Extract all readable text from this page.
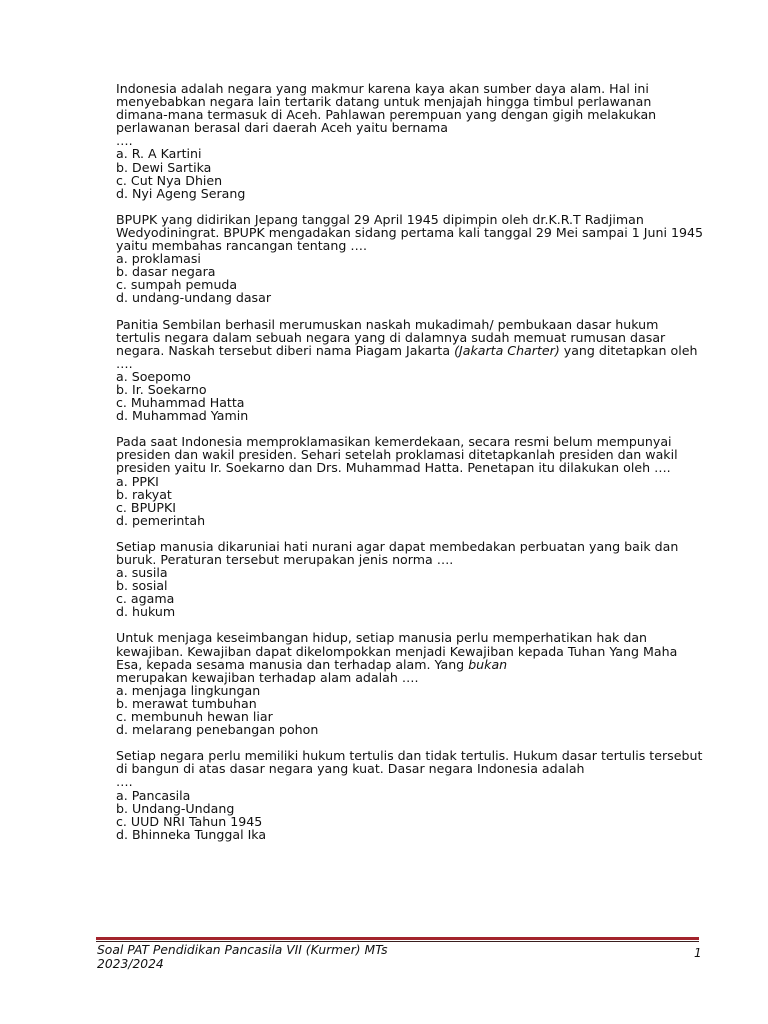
Indonesia adalah negara yang makmur karena kaya akan sumber daya alam. Hal ini menyebabkan negara lain tertarik datang untuk menjajah hingga timbul perlawanan dimana-mana termasuk di Aceh. Pahlawan perempuan yang dengan gigih melakukan perlawanan berasal dari daerah Aceh yaitu bernama
….
a. R. A Kartini
b. Dewi Sartika
c. Cut Nya Dhien
d. Nyi Ageng Serang
BPUPK yang didirikan Jepang tanggal 29 April 1945 dipimpin oleh dr.K.R.T Radjiman Wedyodiningrat. BPUPK mengadakan sidang pertama kali tanggal 29 Mei sampai 1 Juni 1945 yaitu membahas rancangan tentang ….
a. proklamasi
b. dasar negara
c. sumpah pemuda
d. undang-undang dasar
Panitia Sembilan berhasil merumuskan naskah mukadimah/ pembukaan dasar hukum tertulis negara dalam sebuah negara yang di dalamnya sudah memuat rumusan dasar negara. Naskah tersebut diberi nama Piagam Jakarta (Jakarta Charter) yang ditetapkan oleh ….
a. Soepomo
b. Ir. Soekarno
c. Muhammad Hatta
d. Muhammad Yamin
Pada saat Indonesia memproklamasikan kemerdekaan, secara resmi belum mempunyai presiden dan wakil presiden. Sehari setelah proklamasi ditetapkanlah presiden dan wakil presiden yaitu Ir. Soekarno dan Drs. Muhammad Hatta. Penetapan itu dilakukan oleh ….
a. PPKI
b. rakyat
c. BPUPKI
d. pemerintah
Setiap manusia dikaruniai hati nurani agar dapat membedakan perbuatan yang baik dan buruk. Peraturan tersebut merupakan jenis norma ….
a. susila
b. sosial
c. agama
d. hukum
Untuk menjaga keseimbangan hidup, setiap manusia perlu memperhatikan hak dan kewajiban. Kewajiban dapat dikelompokkan menjadi Kewajiban kepada Tuhan Yang Maha Esa, kepada sesama manusia dan terhadap alam. Yang bukan
merupakan kewajiban terhadap alam adalah ….
a. menjaga lingkungan
b. merawat tumbuhan
c. membunuh hewan liar
d. melarang penebangan pohon
Setiap negara perlu memiliki hukum tertulis dan tidak tertulis. Hukum dasar tertulis tersebut di bangun di atas dasar negara yang kuat. Dasar negara Indonesia adalah
….
a. Pancasila
b. Undang-Undang
c. UUD NRI Tahun 1945
d. Bhinneka Tunggal Ika
Soal PAT Pendidikan Pancasila VII (Kurmer) MTs
2023/2024
1
